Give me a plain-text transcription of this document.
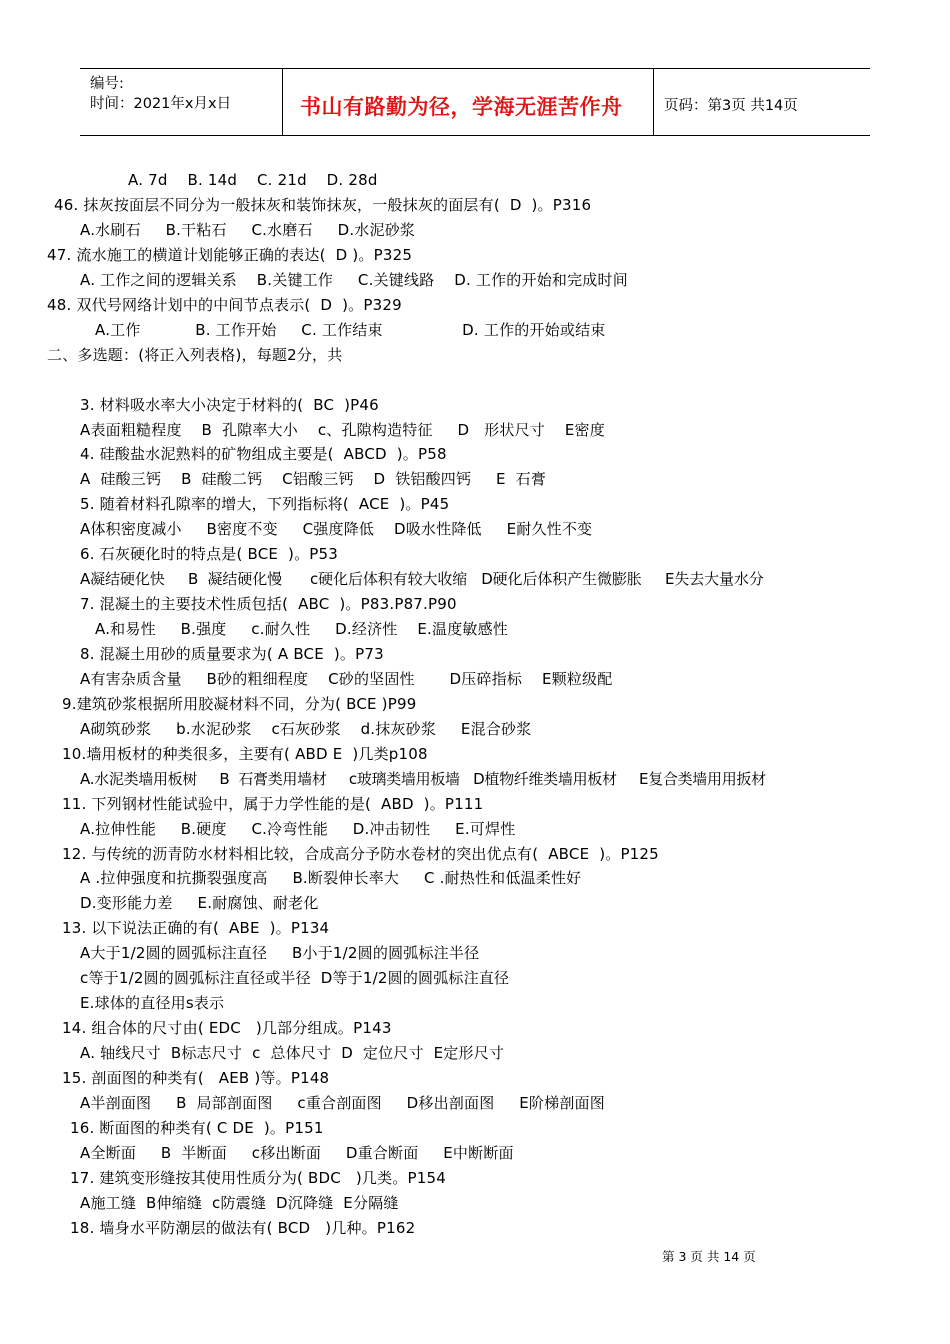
编号:
时间：2021年x月x日	书山有路勤为径，学海无涯苦作舟	页码：第3页 共14页
A. 7d    B. 14d    C. 21d    D. 28d
46. 抹灰按面层不同分为一般抹灰和装饰抹灰，一般抹灰的面层有(  D  )。P316
A.水刷石     B.干粘石     C.水磨石     D.水泥砂浆
47. 流水施工的横道计划能够正确的表达(  D )。P325
A. 工作之间的逻辑关系    B.关键工作     C.关键线路    D. 工作的开始和完成时间
48. 双代号网络计划中的中间节点表示(  D  )。P329
A.工作           B. 工作开始     C. 工作结束                D. 工作的开始或结束
二、多选题：(将正入列表格)，每题2分，共
3. 材料吸水率大小决定于材料的(  BC  )P46
A表面粗糙程度    B  孔隙率大小    c、孔隙构造特征     D   形状尺寸    E密度
4. 硅酸盐水泥熟料的矿物组成主要是(  ABCD  )。P58
A  硅酸三钙    B  硅酸二钙    C铝酸三钙    D  铁铝酸四钙     E  石膏
5. 随着材料孔隙率的增大，下列指标将(  ACE  )。P45
A体积密度减小     B密度不变     C强度降低    D吸水性降低     E耐久性不变
6. 石灰硬化时的特点是( BCE  )。P53
A凝结硬化快     B  凝结硬化慢      c硬化后体积有较大收缩   D硬化后体积产生微膨胀     E失去大量水分
7. 混凝土的主要技术性质包括(  ABC  )。P83.P87.P90
A.和易性     B.强度     c.耐久性     D.经济性    E.温度敏感性
8. 混凝土用砂的质量要求为( A BCE  )。P73
A有害杂质含量     B砂的粗细程度    C砂的坚固性       D压碎指标    E颗粒级配
9.建筑砂浆根据所用胶凝材料不同，分为( BCE )P99
A砌筑砂浆     b.水泥砂浆    c石灰砂浆    d.抹灰砂浆     E混合砂浆
10.墙用板材的种类很多，主要有( ABD E  )几类p108
A.水泥类墙用板树     B  石膏类用墙材     c玻璃类墙用板墙   D植物纤维类墙用板材     E复合类墙用用扳材
11. 下列钢材性能试验中，属于力学性能的是(  ABD  )。P111
A.拉伸性能     B.硬度     C.冷弯性能     D.冲击韧性     E.可焊性
12. 与传统的沥青防水材料相比较，合成高分予防水卷材的突出优点有(  ABCE  )。P125
A .拉伸强度和抗撕裂强度高     B.断裂伸长率大     C .耐热性和低温柔性好
D.变形能力差     E.耐腐蚀、耐老化
13. 以下说法正确的有(  ABE  )。P134
A大于1/2圆的圆弧标注直径     B小于1/2圆的圆弧标注半径
c等于1/2圆的圆弧标注直径或半径  D等于1/2圆的圆弧标注直径
E.球体的直径用s表示
14. 组合体的尺寸由( EDC   )几部分组成。P143
A. 轴线尺寸  B标志尺寸  c  总体尺寸  D  定位尺寸  E定形尺寸
15. 剖面图的种类有(   AEB )等。P148
A半剖面图     B  局部剖面图     c重合剖面图     D移出剖面图     E阶梯剖面图
16. 断面图的种类有( C DE  )。P151
A全断面     B  半断面     c移出断面     D重合断面     E中断断面
17. 建筑变形缝按其使用性质分为( BDC   )几类。P154
A施工缝  B伸缩缝  c防震缝  D沉降缝  E分隔缝
18. 墙身水平防潮层的做法有( BCD   )几种。P162
第 3 页 共 14 页
